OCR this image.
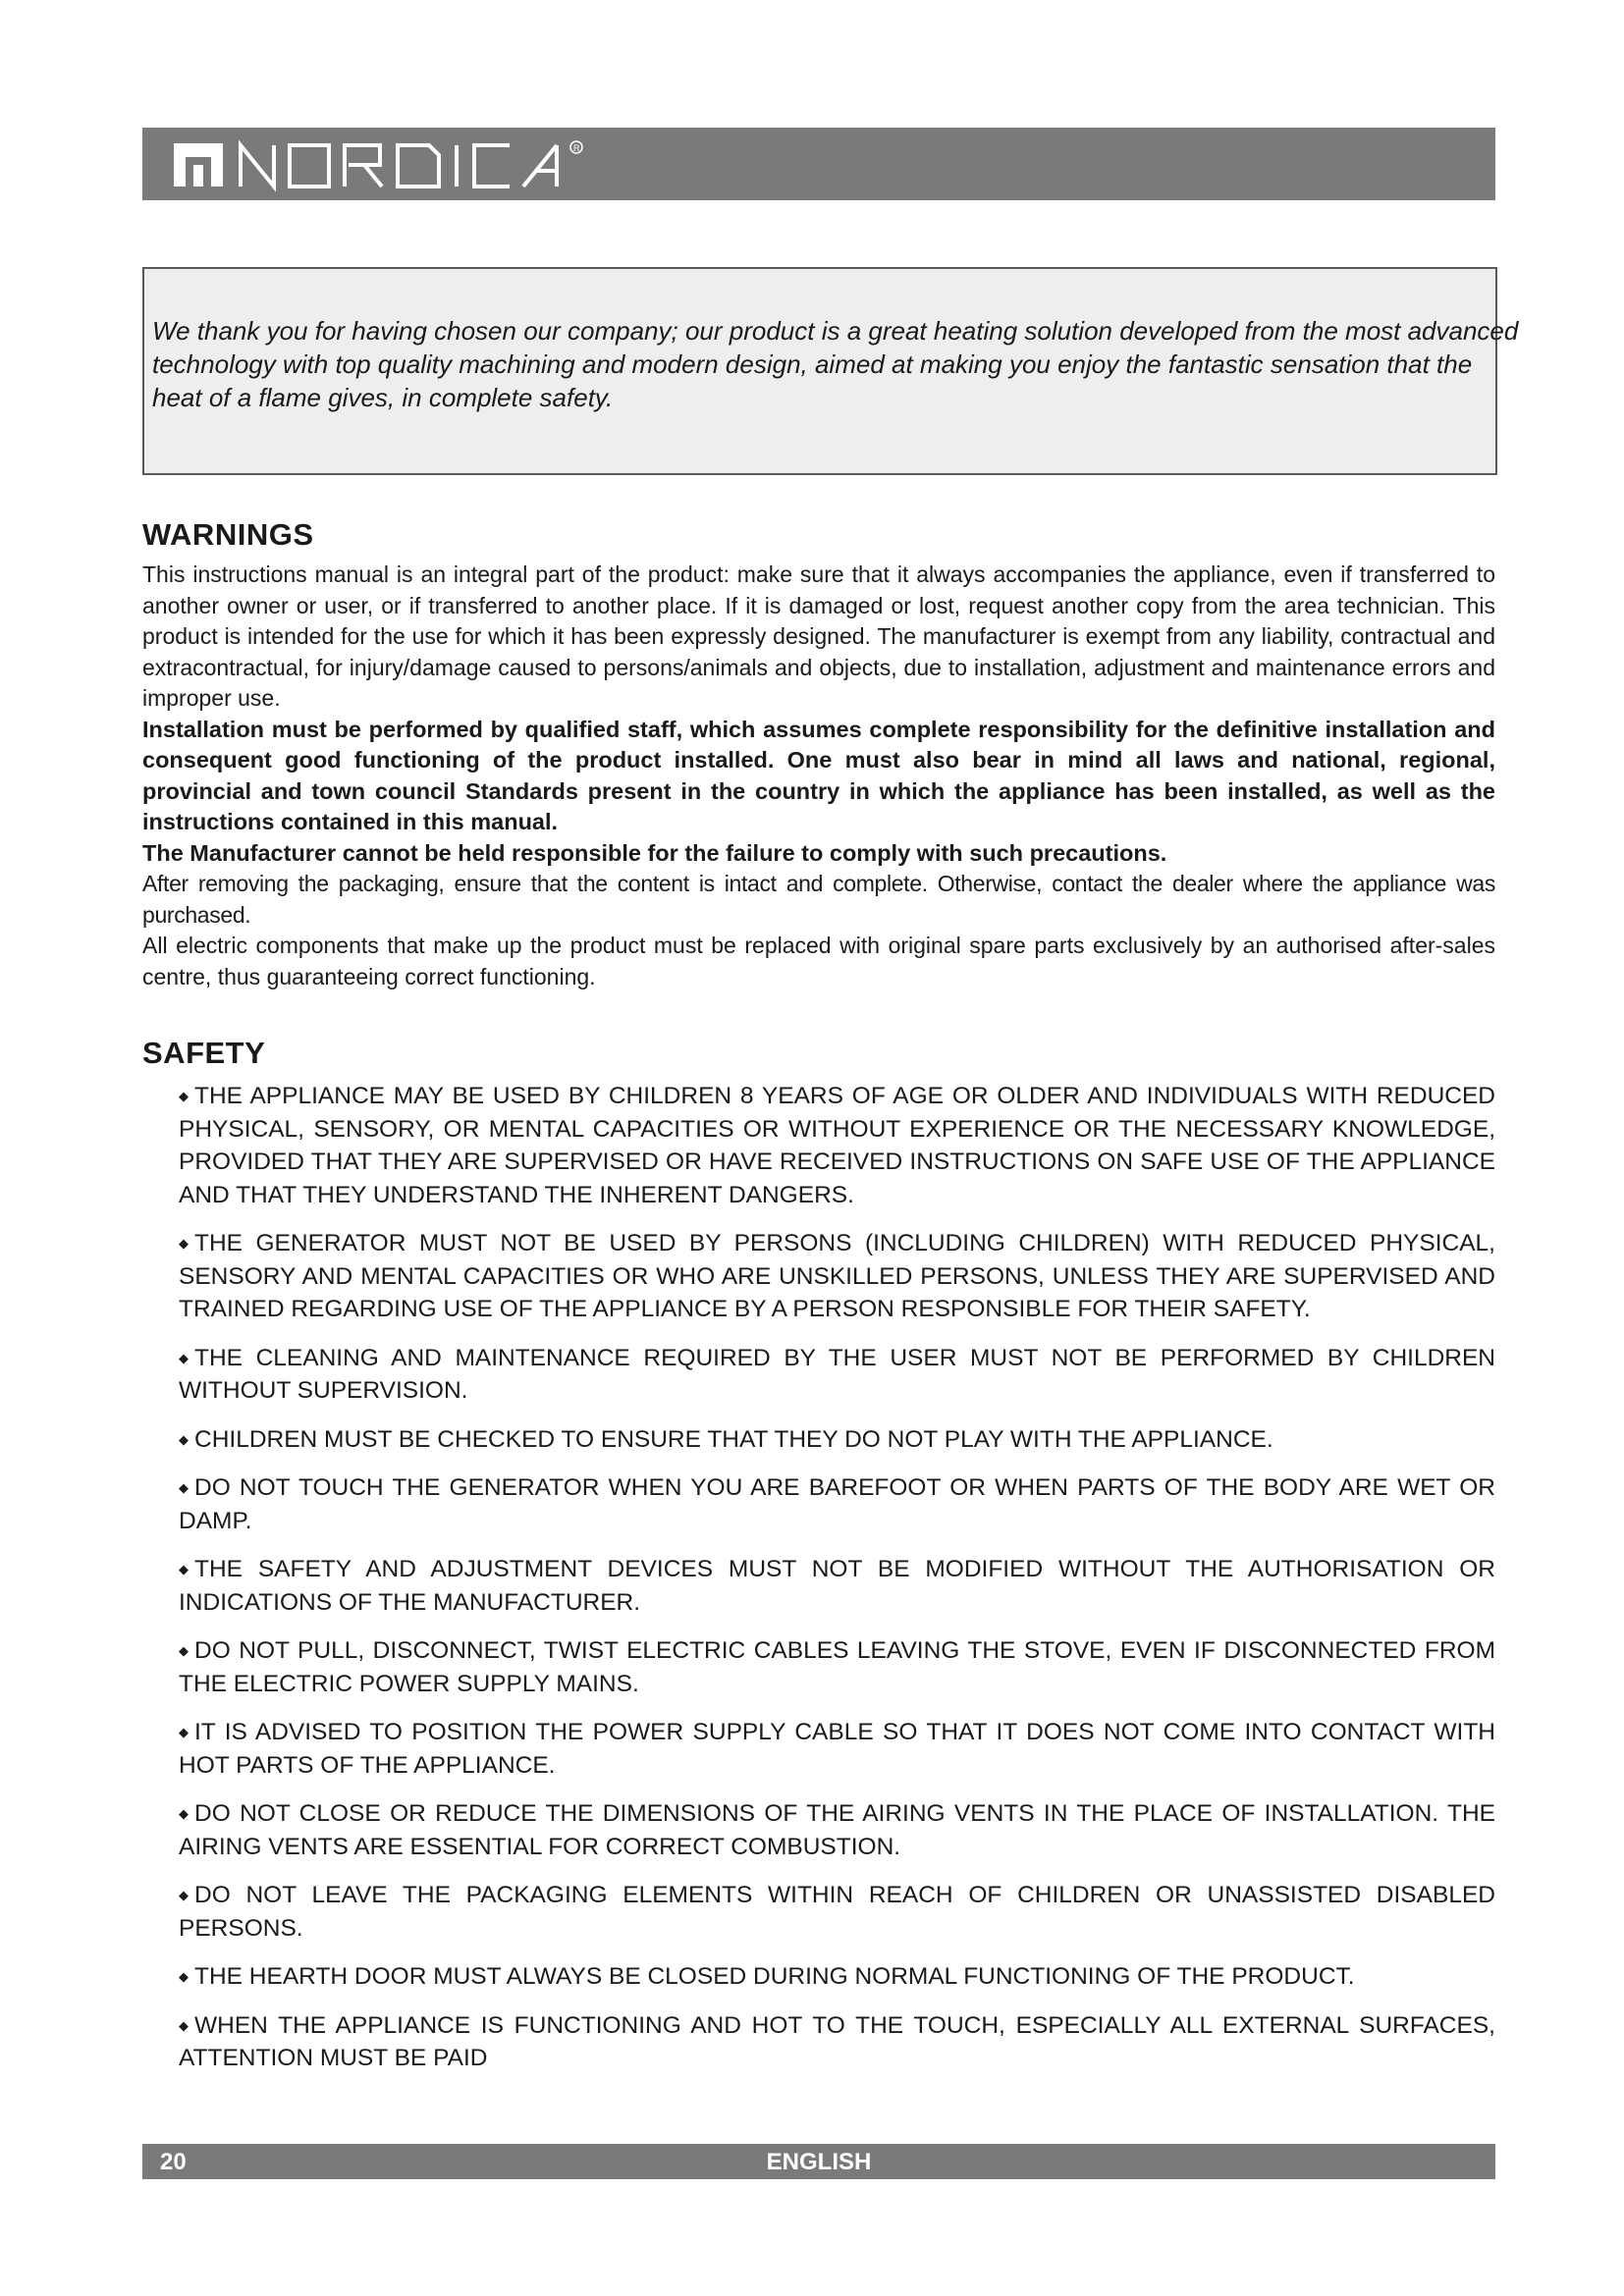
R

We thank you for having chosen our company; our product is a great heating solution developed from the most advanced
technology with top quality machining and modern design, aimed at making you enjoy the fantastic sensation that the
heat of a flame gives, in complete safety.

WARNINGS

This instructions manual is an integral part of the product: make sure that it always accompanies the appliance, even if transferred to another owner or user, or if transferred to another place. If it is damaged or lost, request another copy from the area technician. This product is intended for the use for which it has been expressly designed. The manufacturer is exempt from any liability, contractual and extracontractual, for injury/damage caused to persons/animals and objects, due to installation, adjustment and maintenance errors and improper use.

Installation must be performed by qualified staff, which assumes complete responsibility for the definitive installation and consequent good functioning of the product installed. One must also bear in mind all laws and national, regional, provincial and town council Standards present in the country in which the appliance has been installed, as well as the instructions contained in this manual.

The Manufacturer cannot be held responsible for the failure to comply with such precautions.

After removing the packaging, ensure that the content is intact and complete. Otherwise, contact the dealer where the appliance was purchased.

All electric components that make up the product must be replaced with original spare parts exclusively by an authorised after-sales centre, thus guaranteeing correct functioning.

SAFETY
◆ THE APPLIANCE MAY BE USED BY CHILDREN 8 YEARS OF AGE OR OLDER AND INDIVIDUALS WITH REDUCED PHYSICAL, SENSORY, OR MENTAL CAPACITIES OR WITHOUT EXPERIENCE OR THE NECESSARY KNOWLEDGE, PROVIDED THAT THEY ARE SUPERVISED OR HAVE RECEIVED INSTRUCTIONS ON SAFE USE OF THE APPLIANCE AND THAT THEY UNDERSTAND THE INHERENT DANGERS.
◆ THE GENERATOR MUST NOT BE USED BY PERSONS (INCLUDING CHILDREN) WITH REDUCED PHYSICAL, SENSORY AND MENTAL CAPACITIES OR WHO ARE UNSKILLED PERSONS, UNLESS THEY ARE SUPERVISED AND TRAINED REGARDING USE OF THE APPLIANCE BY A PERSON RESPONSIBLE FOR THEIR SAFETY.
◆ THE CLEANING AND MAINTENANCE REQUIRED BY THE USER MUST NOT BE PERFORMED BY CHILDREN WITHOUT SUPERVISION.
◆ CHILDREN MUST BE CHECKED TO ENSURE THAT THEY DO NOT PLAY WITH THE APPLIANCE.
◆ DO NOT TOUCH THE GENERATOR WHEN YOU ARE BAREFOOT OR WHEN PARTS OF THE BODY ARE WET OR DAMP.
◆ THE SAFETY AND ADJUSTMENT DEVICES MUST NOT BE MODIFIED WITHOUT THE AUTHORISATION OR INDICATIONS OF THE MANUFACTURER.
◆ DO NOT PULL, DISCONNECT, TWIST ELECTRIC CABLES LEAVING THE STOVE, EVEN IF DISCONNECTED FROM THE ELECTRIC POWER SUPPLY MAINS.
◆ IT IS ADVISED TO POSITION THE POWER SUPPLY CABLE SO THAT IT DOES NOT COME INTO CONTACT WITH HOT PARTS OF THE APPLIANCE.
◆ DO NOT CLOSE OR REDUCE THE DIMENSIONS OF THE AIRING VENTS IN THE PLACE OF INSTALLATION. THE AIRING VENTS ARE ESSENTIAL FOR CORRECT COMBUSTION.
◆ DO NOT LEAVE THE PACKAGING ELEMENTS WITHIN REACH OF CHILDREN OR UNASSISTED DISABLED PERSONS.
◆ THE HEARTH DOOR MUST ALWAYS BE CLOSED DURING NORMAL FUNCTIONING OF THE PRODUCT.
◆ WHEN THE APPLIANCE IS FUNCTIONING AND HOT TO THE TOUCH, ESPECIALLY ALL EXTERNAL SURFACES, ATTENTION MUST BE PAID
20	ENGLISH
